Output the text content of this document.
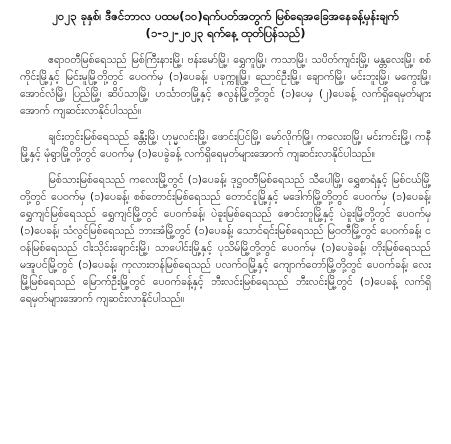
၂၀၂၃ ခုနှစ်၊ ဒီဇင်ဘာလ ပထမ(၁၀)ရက်ပတ်အတွက် မြစ်ရေအခြေအနေခန့်မှန်းချက်

(၁-၁၂-၂၀၂၃ ရက်နေ့ ထုတ်ပြန်သည်)

ဧရာဝတီမြစ်ရေသည် မြစ်ကြီးနားမြို့၊ ဗန်းမော်မြို့၊ ရွှေကူမြို့၊ ကသာမြို့၊ သပိတ်ကျင်းမြို့၊ မန္တလေးမြို့၊ စစ်ကိုင်းမြို့နှင့် မြင်းမူမြို့တို့တွင် ပေ၀က်မှ (၁)ပေခန့်၊ ပခုက္ကူမြို့၊ ညောင်ဦးမြို့၊ ချောက်မြို့၊ မင်းဘူးမြို့၊ မကွေးမြို့၊ အောင်လံမြို့၊ ပြည်မြို့၊ ဆိပ်သာမြို့၊ ဟင်္သာတမြို့နှင့် ဇလွန်မြို့တို့တွင် (၁)ပေမှ (၂)ပေခန့် လက်ရှိရေမှတ်များအောက် ကျဆင်းလာနိုင်ပါသည်။

ချင်းတွင်းမြစ်ရေသည် ခန္တီးမြို့၊ ဟုမ္မလင်းမြို့၊ ဖောင်းပြင်မြို့၊ မော်လိုက်မြို့၊ ကလေးဝမြို့၊ မင်းကင်းမြို့၊ ကနီမြို့နှင့် မုံရွာမြို့တို့တွင် ပေ၀က်မှ (၁)ပေခွဲခန့် လက်ရှိရေမှတ်များအောက် ကျဆင်းလာနိုင်ပါသည်။

မြစ်သားမြစ်ရေသည် ကလေးမြို့တွင် (၁)ပေခန့်၊ ဒုဋ္ဌဝတီမြစ်ရေသည် သီပေါမြို့၊ ရွှေစာရံနှင့် မြစ်ငယ်မြို့တို့တွင် ပေ၀က်မှ (၁)ပေခန့်၊ စစ်တောင်းမြစ်ရေသည် တောင်ငူမြို့နှင့် မဒေါက်မြို့တို့တွင် ပေ၀က်မှ (၁)ပေခန့်၊ ရွှေကျင်မြစ်ရေသည် ရွှေကျင်မြို့တွင် ပေ၀က်ခန့်၊ ပဲခူးမြစ်ရေသည် ဇောင်းတူမြို့နှင့် ပဲခူးမြို့တို့တွင် ပေ၀က်မှ (၁)ပေခန့်၊ သံလွင်မြစ်ရေသည် ဘားအံမြို့တွင် (၁)ပေခန့်၊ သောင်ရင်းမြစ်ရေသည် မြဝတီမြို့တွင် ပေ၀က်ခန့်၊ ငဝန်မြစ်ရေသည် ငါးသိုင်းချောင်းမြို့၊ သာပေါင်းမြို့နှင့် ပုသိမ်မြို့တို့တွင် ပေ၀က်မှ (၁)ပေခွဲခန့်၊ တိုးမြစ်ရေသည် မအူပင်မြို့တွင် (၁)ပေခန့်၊ ကုလားတန်မြစ်ရေသည် ပလက်ဝမြို့နှင့် ကျောက်တော်မြို့တို့တွင် ပေ၀က်ခန့်၊ လေးမြို့မြစ်ရေသည် မြောက်ဦးမြို့တွင် ပေ၀က်ခန့်နှင့် ဘီးလင်းမြစ်ရေသည် ဘီးလင်းမြို့တွင် (၁)ပေခန့် လက်ရှိရေမှတ်များအောက် ကျဆင်းလာနိုင်ပါသည်။
